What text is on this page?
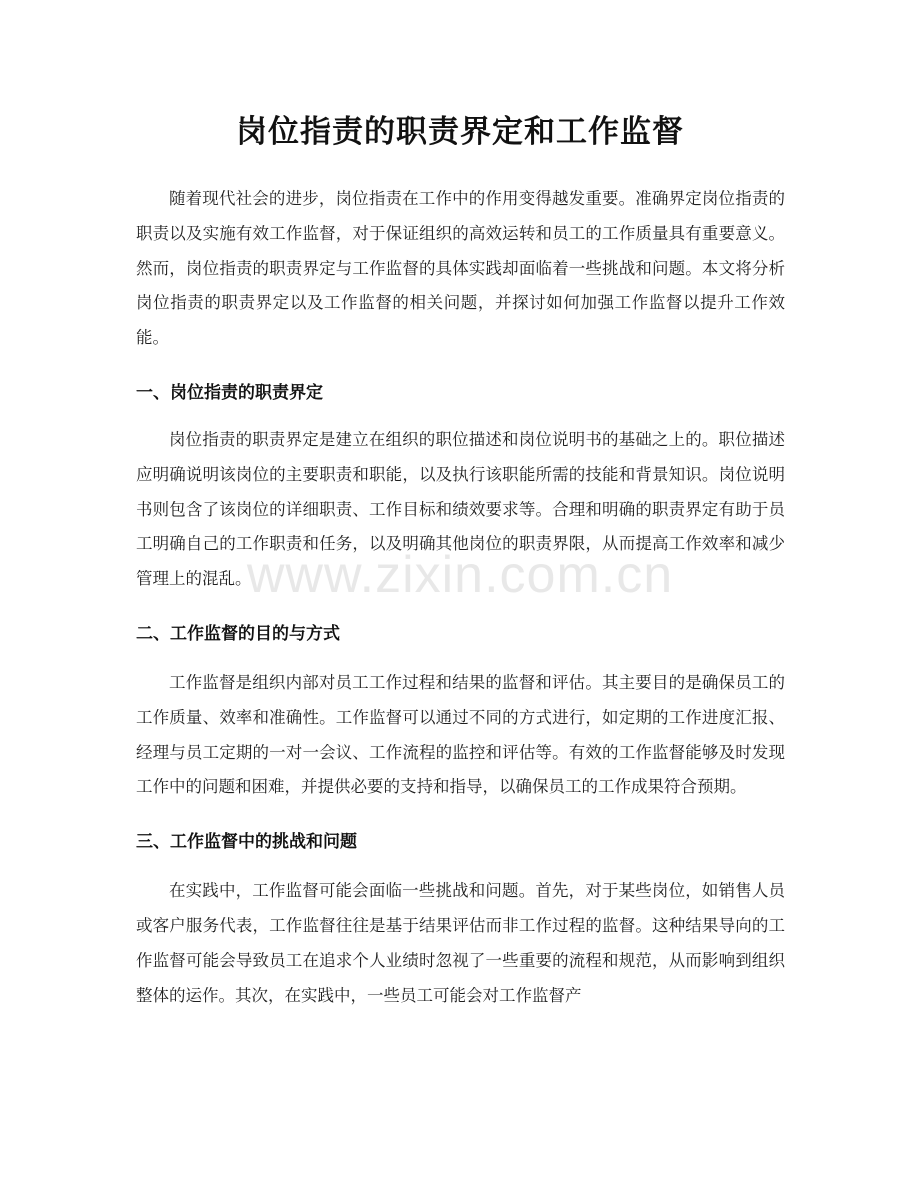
岗位指责的职责界定和工作监督

随着现代社会的进步，岗位指责在工作中的作用变得越发重要。准确界定岗位指责的职责以及实施有效工作监督，对于保证组织的高效运转和员工的工作质量具有重要意义。然而，岗位指责的职责界定与工作监督的具体实践却面临着一些挑战和问题。本文将分析岗位指责的职责界定以及工作监督的相关问题，并探讨如何加强工作监督以提升工作效能。

一、岗位指责的职责界定

岗位指责的职责界定是建立在组织的职位描述和岗位说明书的基础之上的。职位描述应明确说明该岗位的主要职责和职能，以及执行该职能所需的技能和背景知识。岗位说明书则包含了该岗位的详细职责、工作目标和绩效要求等。合理和明确的职责界定有助于员工明确自己的工作职责和任务，以及明确其他岗位的职责界限，从而提高工作效率和减少管理上的混乱。

二、工作监督的目的与方式

工作监督是组织内部对员工工作过程和结果的监督和评估。其主要目的是确保员工的工作质量、效率和准确性。工作监督可以通过不同的方式进行，如定期的工作进度汇报、经理与员工定期的一对一会议、工作流程的监控和评估等。有效的工作监督能够及时发现工作中的问题和困难，并提供必要的支持和指导，以确保员工的工作成果符合预期。

三、工作监督中的挑战和问题

在实践中，工作监督可能会面临一些挑战和问题。首先，对于某些岗位，如销售人员或客户服务代表，工作监督往往是基于结果评估而非工作过程的监督。这种结果导向的工作监督可能会导致员工在追求个人业绩时忽视了一些重要的流程和规范，从而影响到组织整体的运作。其次，在实践中，一些员工可能会对工作监督产

www.zixin.com.cn
